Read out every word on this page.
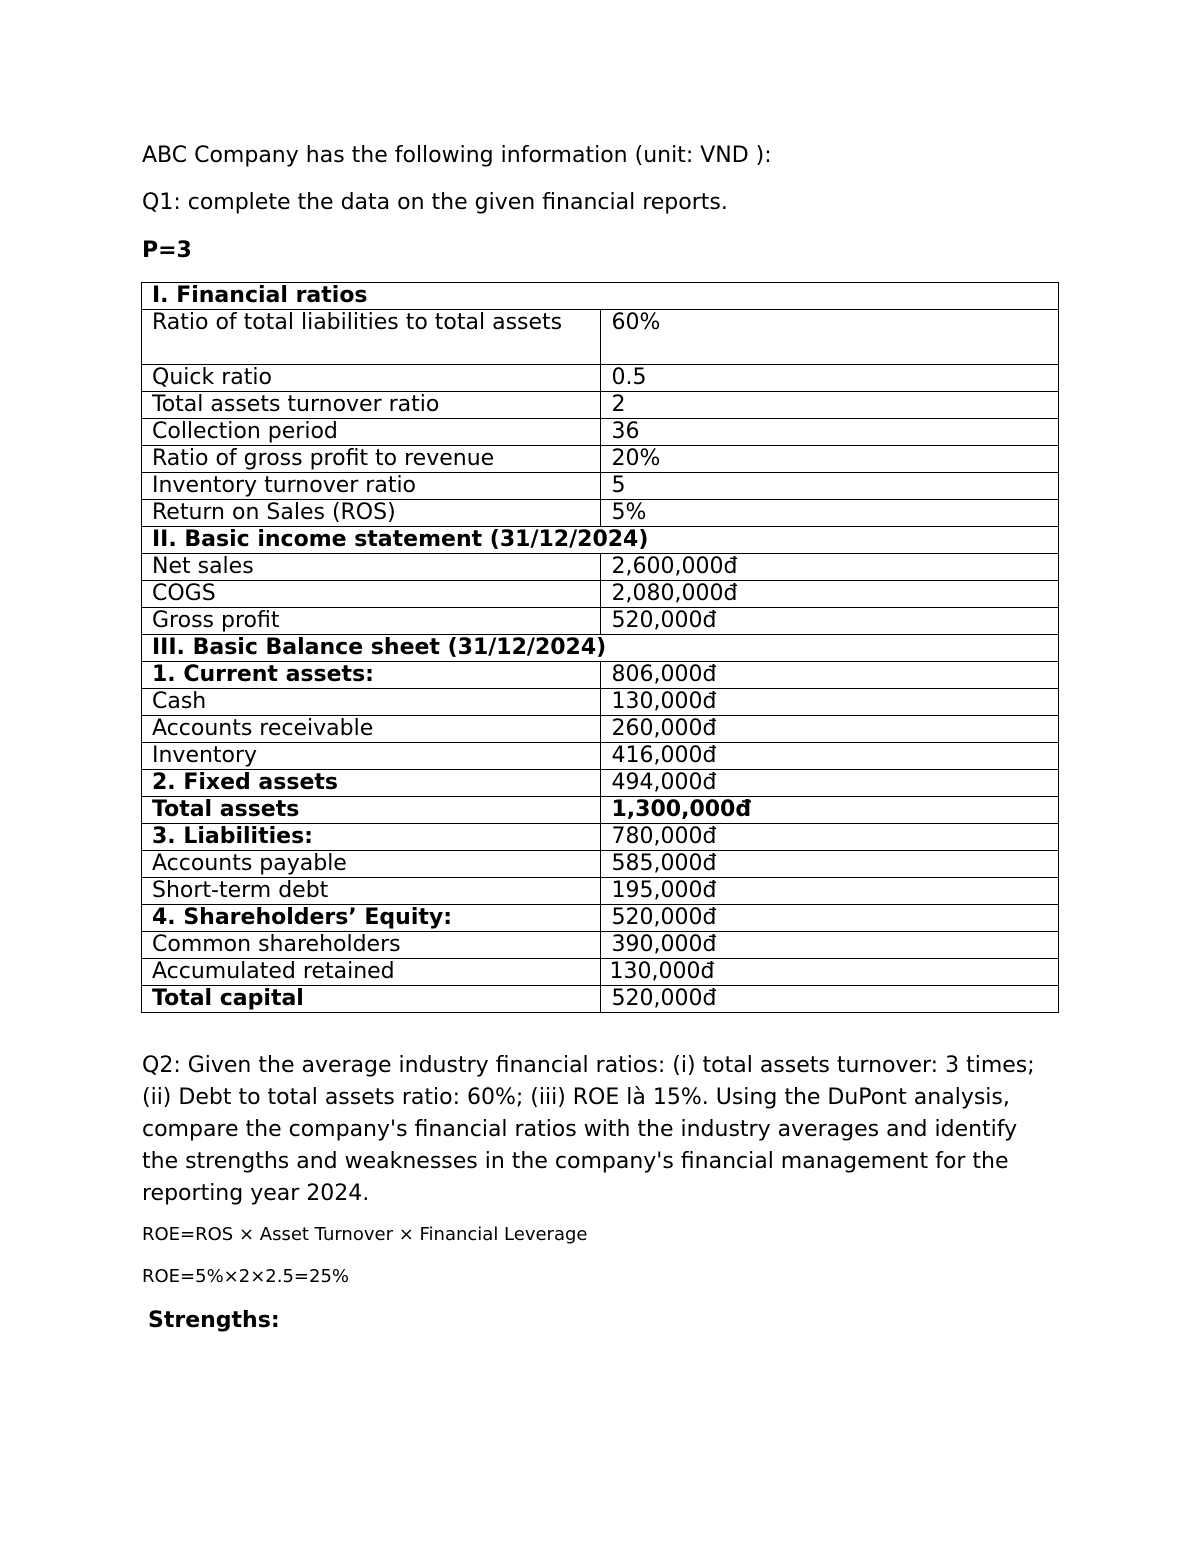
ABC Company has the following information (unit: VND ):
Q1: complete the data on the given financial reports.
P=3
I. Financial ratios	
Ratio of total liabilities to total assets	60%
Quick ratio	0.5
Total assets turnover ratio	2
Collection period	36
Ratio of gross profit to revenue	20%
Inventory turnover ratio	5
Return on Sales (ROS)	5%
II. Basic income statement (31/12/2024)	
Net sales	2,600,000đ
COGS	2,080,000đ
Gross profit	520,000đ
III. Basic Balance sheet (31/12/2024)	
1. Current assets:	806,000đ
Cash	130,000đ
Accounts receivable	260,000đ
Inventory	416,000đ
2. Fixed assets	494,000đ
Total assets	1,300,000đ
3. Liabilities:	780,000đ
Accounts payable	585,000đ
Short-term debt	195,000đ
4. Shareholders’ Equity:	520,000đ
Common shareholders	390,000đ
Accumulated retained	130,000đ
Total capital	520,000đ
Q2: Given the average industry financial ratios: (i) total assets turnover: 3 times; (ii) Debt to total assets ratio: 60%; (iii) ROE là 15%. Using the DuPont analysis, compare the company's financial ratios with the industry averages and identify the strengths and weaknesses in the company's financial management for the reporting year 2024.
ROE=ROS × Asset Turnover × Financial Leverage
ROE=5%×2×2.5=25%
Strengths:
